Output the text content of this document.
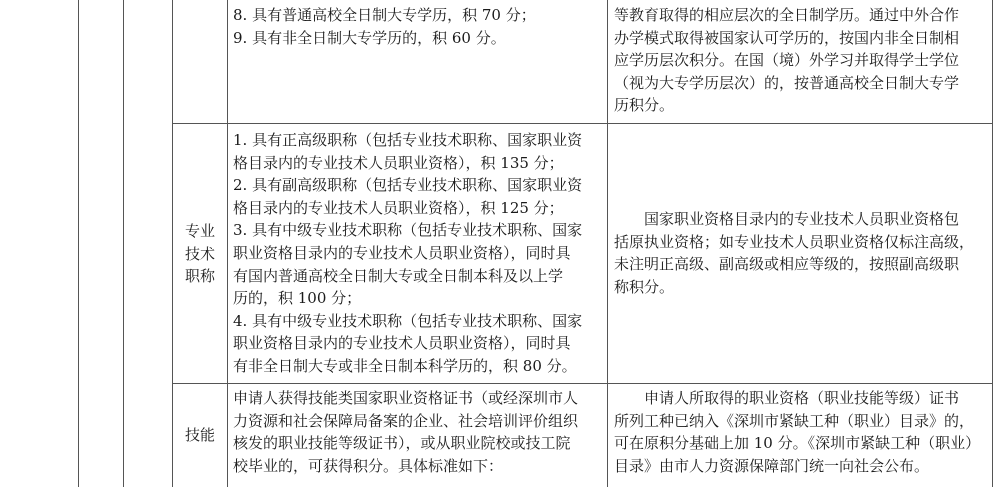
8. 具有普通高校全日制大专学历，积 70 分；
9. 具有非全日制大专学历的，积 60 分。
等教育取得的相应层次的全日制学历。通过中外合作
办学模式取得被国家认可学历的，按国内非全日制相
应学历层次积分。在国（境）外学习并取得学士学位
（视为大专学历层次）的，按普通高校全日制大专学
历积分。
专业
技术
职称
1. 具有正高级职称（包括专业技术职称、国家职业资
格目录内的专业技术人员职业资格），积 135 分；
2. 具有副高级职称（包括专业技术职称、国家职业资
格目录内的专业技术人员职业资格），积 125 分；
3. 具有中级专业技术职称（包括专业技术职称、国家
职业资格目录内的专业技术人员职业资格），同时具
有国内普通高校全日制大专或全日制本科及以上学
历的，积 100 分；
4. 具有中级专业技术职称（包括专业技术职称、国家
职业资格目录内的专业技术人员职业资格），同时具
有非全日制大专或非全日制本科学历的，积 80 分。
　　国家职业资格目录内的专业技术人员职业资格包
括原执业资格；如专业技术人员职业资格仅标注高级，
未注明正高级、副高级或相应等级的，按照副高级职
称积分。
技能
申请人获得技能类国家职业资格证书（或经深圳市人
力资源和社会保障局备案的企业、社会培训评价组织
核发的职业技能等级证书），或从职业院校或技工院
校毕业的，可获得积分。具体标准如下：
　　申请人所取得的职业资格（职业技能等级）证书
所列工种已纳入《深圳市紧缺工种（职业）目录》的，
可在原积分基础上加 10 分。《深圳市紧缺工种（职业）
目录》由市人力资源保障部门统一向社会公布。
